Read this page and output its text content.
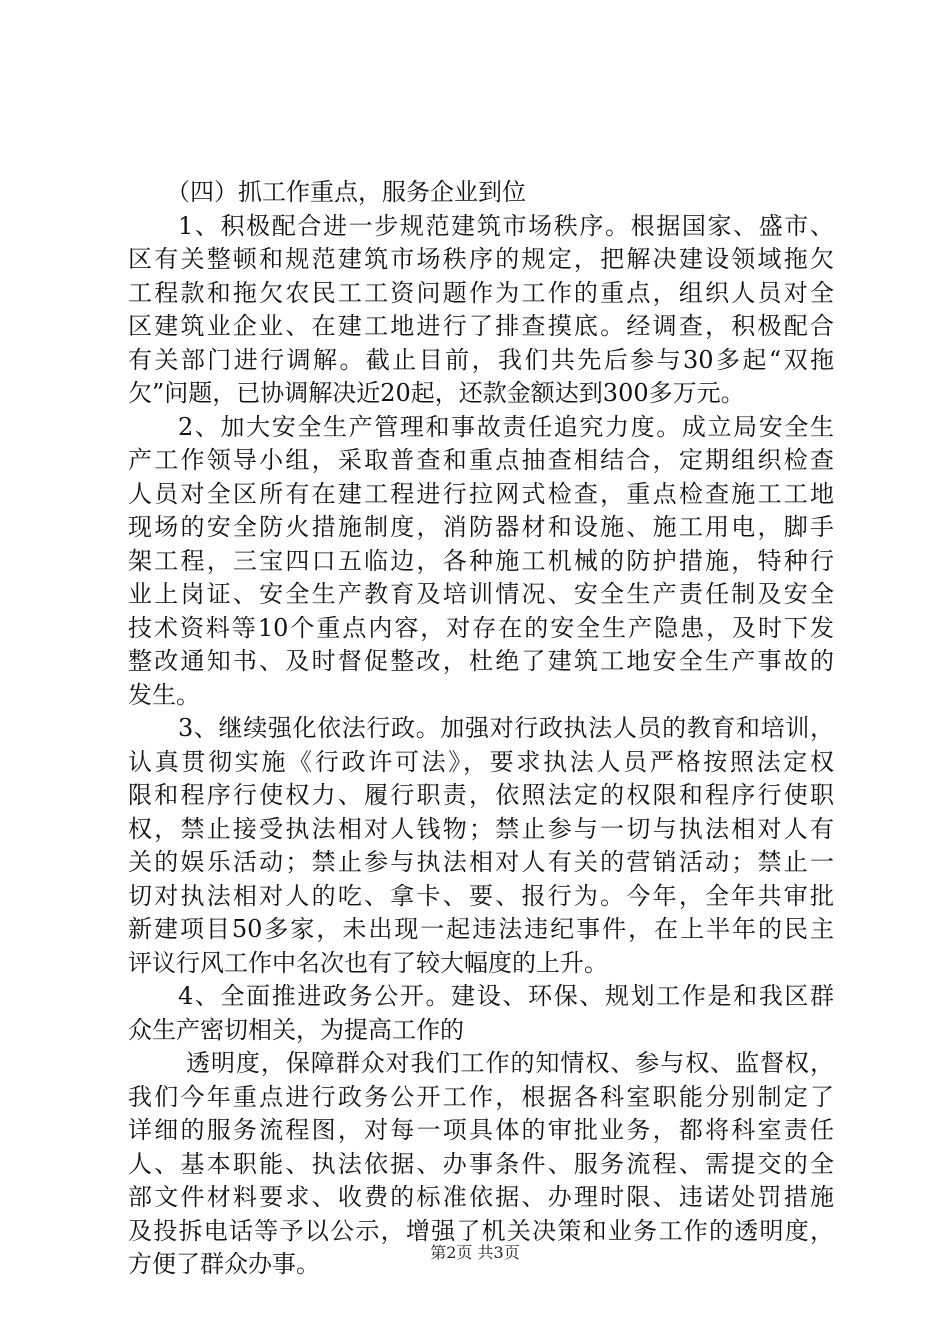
（四）抓工作重点，服务企业到位
1、积极配合进一步规范建筑市场秩序。根据国家、盛市、
区有关整顿和规范建筑市场秩序的规定，把解决建设领域拖欠
工程款和拖欠农民工工资问题作为工作的重点，组织人员对全
区建筑业企业、在建工地进行了排查摸底。经调查，积极配合
有关部门进行调解。截止目前，我们共先后参与30多起“双拖
欠”问题，已协调解决近20起，还款金额达到300多万元。
2、加大安全生产管理和事故责任追究力度。成立局安全生
产工作领导小组，采取普查和重点抽查相结合，定期组织检查
人员对全区所有在建工程进行拉网式检查，重点检查施工工地
现场的安全防火措施制度，消防器材和设施、施工用电，脚手
架工程，三宝四口五临边，各种施工机械的防护措施，特种行
业上岗证、安全生产教育及培训情况、安全生产责任制及安全
技术资料等10个重点内容，对存在的安全生产隐患，及时下发
整改通知书、及时督促整改，杜绝了建筑工地安全生产事故的
发生。
3、继续强化依法行政。加强对行政执法人员的教育和培训，
认真贯彻实施《行政许可法》，要求执法人员严格按照法定权
限和程序行使权力、履行职责，依照法定的权限和程序行使职
权，禁止接受执法相对人钱物；禁止参与一切与执法相对人有
关的娱乐活动；禁止参与执法相对人有关的营销活动；禁止一
切对执法相对人的吃、拿卡、要、报行为。今年，全年共审批
新建项目50多家，未出现一起违法违纪事件，在上半年的民主
评议行风工作中名次也有了较大幅度的上升。
4、全面推进政务公开。建设、环保、规划工作是和我区群
众生产密切相关，为提高工作的
透明度，保障群众对我们工作的知情权、参与权、监督权，
我们今年重点进行政务公开工作，根据各科室职能分别制定了
详细的服务流程图，对每一项具体的审批业务，都将科室责任
人、基本职能、执法依据、办事条件、服务流程、需提交的全
部文件材料要求、收费的标准依据、办理时限、违诺处罚措施
及投拆电话等予以公示，增强了机关决策和业务工作的透明度，
方便了群众办事。	第2页 共3页
